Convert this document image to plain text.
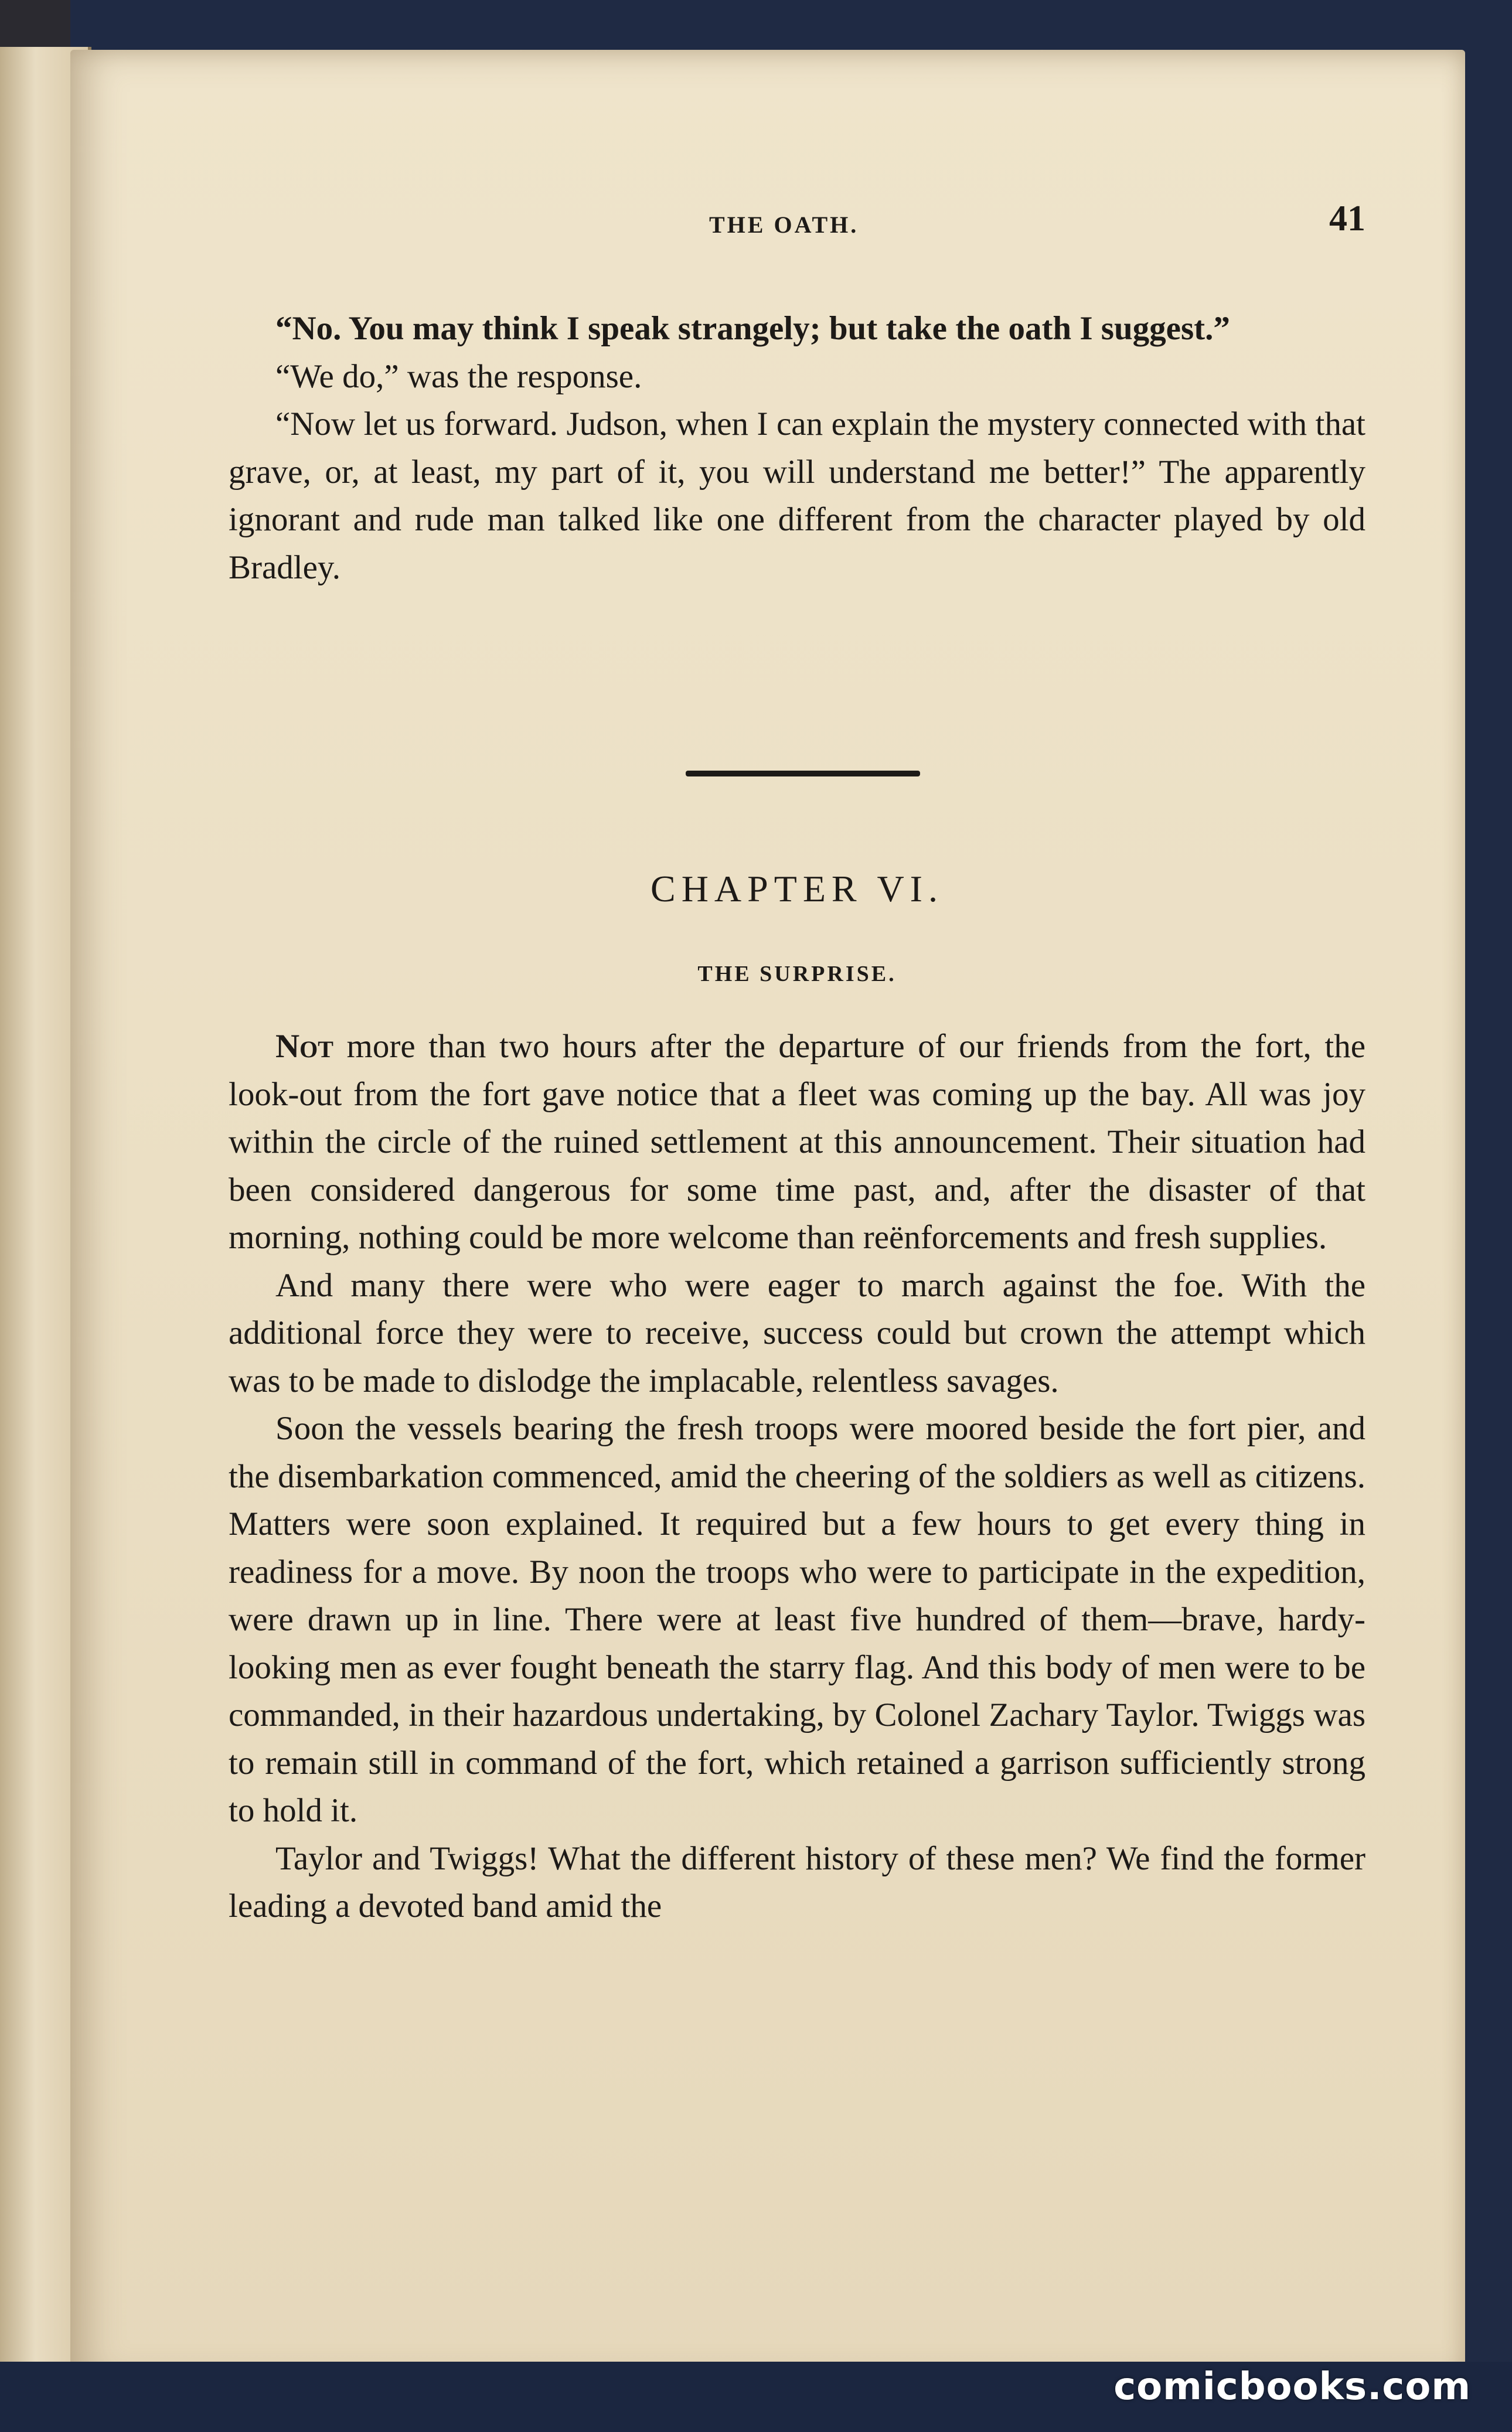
THE OATH.	41

“No. You may think I speak strangely; but take the oath I suggest.”

“We do,” was the response.

“Now let us forward. Judson, when I can explain the mystery connected with that grave, or, at least, my part of it, you will understand me better!” The apparently ignorant and rude man talked like one different from the character played by old Bradley.

CHAPTER VI.
THE SURPRISE.

Not more than two hours after the departure of our friends from the fort, the look-out from the fort gave notice that a fleet was coming up the bay. All was joy within the circle of the ruined settlement at this announcement. Their situation had been considered dangerous for some time past, and, after the disaster of that morning, nothing could be more welcome than reënforcements and fresh supplies.

And many there were who were eager to march against the foe. With the additional force they were to receive, success could but crown the attempt which was to be made to dislodge the implacable, relentless savages.

Soon the vessels bearing the fresh troops were moored beside the fort pier, and the disembarkation commenced, amid the cheering of the soldiers as well as citizens. Matters were soon explained. It required but a few hours to get every thing in readiness for a move. By noon the troops who were to participate in the expedition, were drawn up in line. There were at least five hundred of them—brave, hardy-looking men as ever fought beneath the starry flag. And this body of men were to be commanded, in their hazardous undertaking, by Colonel Zachary Taylor. Twiggs was to remain still in command of the fort, which retained a garrison sufficiently strong to hold it.

Taylor and Twiggs! What the different history of these men? We find the former leading a devoted band amid the

comicbooks.com
